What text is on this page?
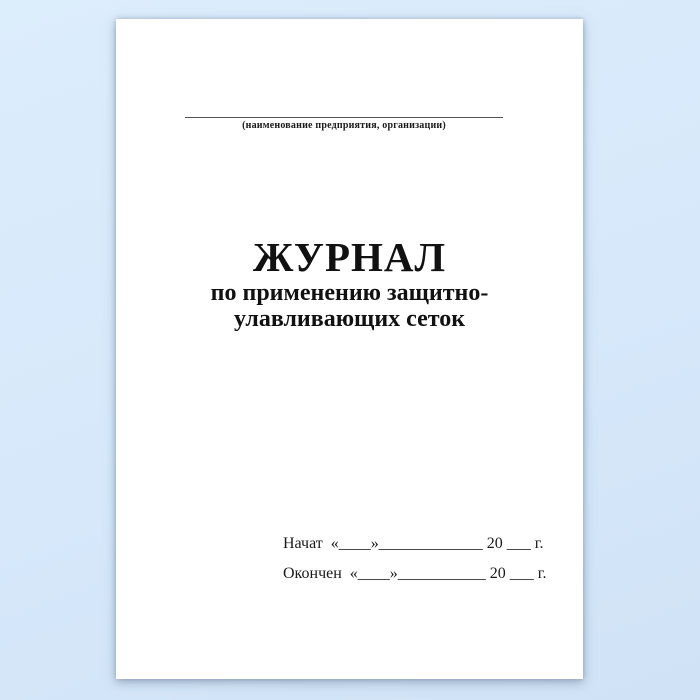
(наименование предприятия, организации)
ЖУРНАЛ
по применению защитно-
улавливающих сеток
Начат  «____»_____________ 20 ___ г.
Окончен  «____»___________ 20 ___ г.
